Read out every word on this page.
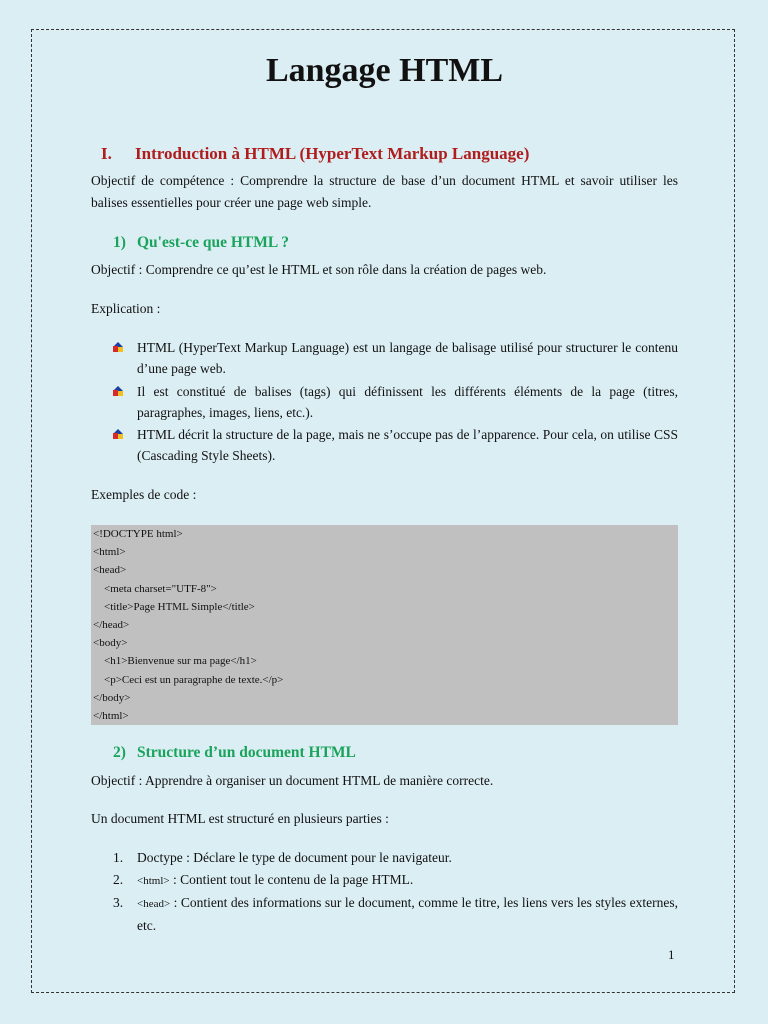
Langage HTML
I. Introduction à HTML (HyperText Markup Language)

Objectif de compétence : Comprendre la structure de base d’un document HTML et savoir utiliser les balises essentielles pour créer une page web simple.

1) Qu'est-ce que HTML ?

Objectif : Comprendre ce qu’est le HTML et son rôle dans la création de pages web.

Explication :

HTML (HyperText Markup Language) est un langage de balisage utilisé pour structurer le contenu d’une page web.
Il est constitué de balises (tags) qui définissent les différents éléments de la page (titres, paragraphes, images, liens, etc.).
HTML décrit la structure de la page, mais ne s’occupe pas de l’apparence. Pour cela, on utilise CSS (Cascading Style Sheets).

Exemples de code :

<!DOCTYPE html>
<html>
<head>
<meta charset="UTF-8">
<title>Page HTML Simple</title>
</head>
<body>
<h1>Bienvenue sur ma page</h1>
<p>Ceci est un paragraphe de texte.</p>
</body>
</html>
2) Structure d’un document HTML

Objectif : Apprendre à organiser un document HTML de manière correcte.

Un document HTML est structuré en plusieurs parties :

1. Doctype : Déclare le type de document pour le navigateur.
2. <html> : Contient tout le contenu de la page HTML.
3. <head> : Contient des informations sur le document, comme le titre, les liens vers les styles externes, etc.
1
